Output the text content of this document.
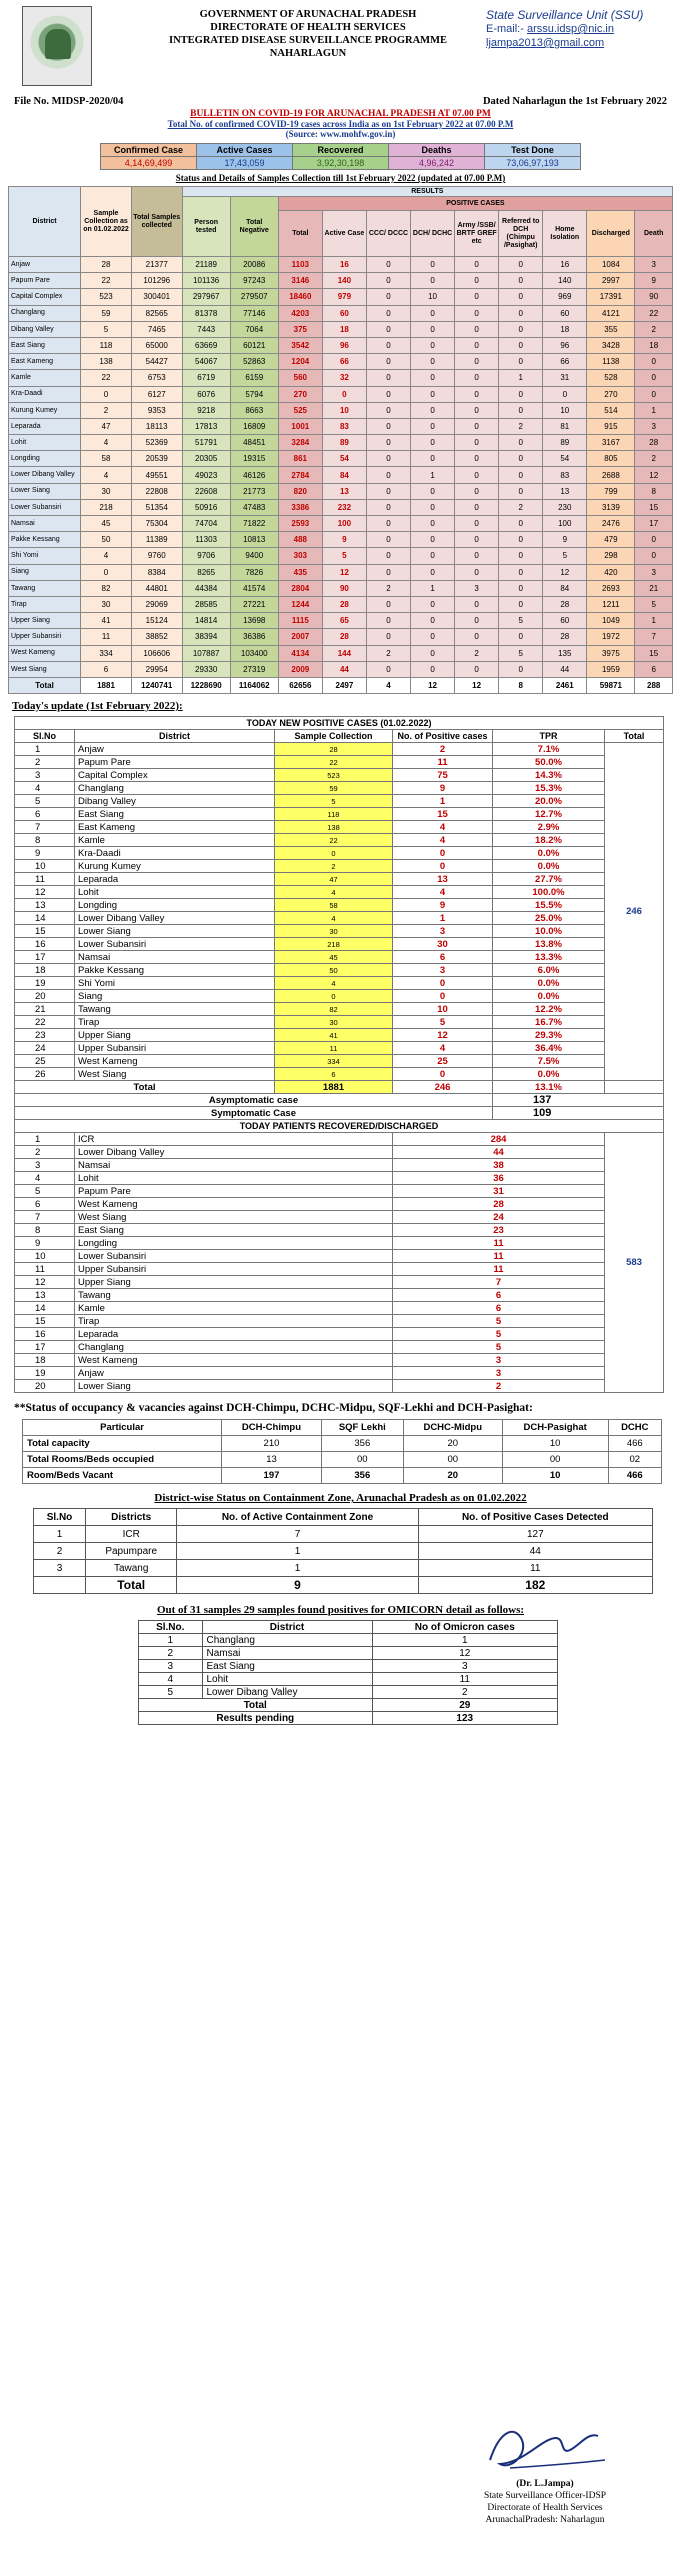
GOVERNMENT OF ARUNACHAL PRADESH
DIRECTORATE OF HEALTH SERVICES
INTEGRATED DISEASE SURVEILLANCE PROGRAMME
NAHARLAGUN
State Surveillance Unit (SSU)
E-mail:- arssu.idsp@nic.in
ljampa2013@gmail.com
File No. MIDSP-2020/04	Dated Naharlagun the 1st February 2022
BULLETIN ON COVID-19 FOR ARUNACHAL PRADESH AT 07.00 PM
Total No. of confirmed COVID-19 cases across India as on 1st February 2022 at 07.00 P.M
(Source: www.mohfw.gov.in)
Confirmed Case	Active Cases	Recovered	Deaths	Test Done
4,14,69,499	17,43,059	3,92,30,198	4,96,242	73,06,97,193
Status and Details of Samples Collection till 1st February 2022 (updated at 07.00 P.M)
District	Sample Collection as on 01.02.2022	Total Samples collected	RESULTS										
			Person tested	Total Negative	POSITIVE CASES								
					Total	Active Case	CCC/ DCCC	DCH/ DCHC	Army /SSB/ BRTF GREF etc	Referred to DCH (Chimpu /Pasighat)	Home Isolation	Discharged	Death
Anjaw	28	21377	21189	20086	1103	16	0	0	0	0	16	1084	3
Papum Pare	22	101296	101136	97243	3146	140	0	0	0	0	140	2997	9
Capital Complex	523	300401	297967	279507	18460	979	0	10	0	0	969	17391	90
Changlang	59	82565	81378	77146	4203	60	0	0	0	0	60	4121	22
Dibang Valley	5	7465	7443	7064	375	18	0	0	0	0	18	355	2
East Siang	118	65000	63669	60121	3542	96	0	0	0	0	96	3428	18
East Kameng	138	54427	54067	52863	1204	66	0	0	0	0	66	1138	0
Kamle	22	6753	6719	6159	560	32	0	0	0	1	31	528	0
Kra-Daadi	0	6127	6076	5794	270	0	0	0	0	0	0	270	0
Kurung Kumey	2	9353	9218	8663	525	10	0	0	0	0	10	514	1
Leparada	47	18113	17813	16809	1001	83	0	0	0	2	81	915	3
Lohit	4	52369	51791	48451	3284	89	0	0	0	0	89	3167	28
Longding	58	20539	20305	19315	861	54	0	0	0	0	54	805	2
Lower Dibang Valley	4	49551	49023	46126	2784	84	0	1	0	0	83	2688	12
Lower Siang	30	22808	22608	21773	820	13	0	0	0	0	13	799	8
Lower Subansiri	218	51354	50916	47483	3386	232	0	0	0	2	230	3139	15
Namsai	45	75304	74704	71822	2593	100	0	0	0	0	100	2476	17
Pakke Kessang	50	11389	11303	10813	488	9	0	0	0	0	9	479	0
Shi Yomi	4	9760	9706	9400	303	5	0	0	0	0	5	298	0
Siang	0	8384	8265	7826	435	12	0	0	0	0	12	420	3
Tawang	82	44801	44384	41574	2804	90	2	1	3	0	84	2693	21
Tirap	30	29069	28585	27221	1244	28	0	0	0	0	28	1211	5
Upper Siang	41	15124	14814	13698	1115	65	0	0	0	5	60	1049	1
Upper Subansiri	11	38852	38394	36386	2007	28	0	0	0	0	28	1972	7
West Kameng	334	106606	107887	103400	4134	144	2	0	2	5	135	3975	15
West Siang	6	29954	29330	27319	2009	44	0	0	0	0	44	1959	6
Total	1881	1240741	1228690	1164062	62656	2497	4	12	12	8	2461	59871	288
Today's update (1st February 2022):
TODAY NEW POSITIVE CASES (01.02.2022)					
Sl.No	District	Sample Collection	No. of Positive cases	TPR	Total
1	Anjaw	28	2	7.1%	246
2	Papum Pare	22	11	50.0%	
3	Capital Complex	523	75	14.3%	
4	Changlang	59	9	15.3%	
5	Dibang Valley	5	1	20.0%	
6	East Siang	118	15	12.7%	
7	East Kameng	138	4	2.9%	
8	Kamle	22	4	18.2%	
9	Kra-Daadi	0	0	0.0%	
10	Kurung Kumey	2	0	0.0%	
11	Leparada	47	13	27.7%	
12	Lohit	4	4	100.0%	
13	Longding	58	9	15.5%	
14	Lower Dibang Valley	4	1	25.0%	
15	Lower Siang	30	3	10.0%	
16	Lower Subansiri	218	30	13.8%	
17	Namsai	45	6	13.3%	
18	Pakke Kessang	50	3	6.0%	
19	Shi Yomi	4	0	0.0%	
20	Siang	0	0	0.0%	
21	Tawang	82	10	12.2%	
22	Tirap	30	5	16.7%	
23	Upper Siang	41	12	29.3%	
24	Upper Subansiri	11	4	36.4%	
25	West Kameng	334	25	7.5%	
26	West Siang	6	0	0.0%	
Total		1881	246	13.1%	
Asymptomatic case				137	
Symptomatic Case				109	
TODAY PATIENTS RECOVERED/DISCHARGED					
1	ICR		284		583
2	Lower Dibang Valley		44		
3	Namsai		38		
4	Lohit		36		
5	Papum Pare		31		
6	West Kameng		28		
7	West Siang		24		
8	East Siang		23		
9	Longding		11		
10	Lower Subansiri		11		
11	Upper Subansiri		11		
12	Upper Siang		7		
13	Tawang		6		
14	Kamle		6		
15	Tirap		5		
16	Leparada		5		
17	Changlang		5		
18	West Kameng		3		
19	Anjaw		3		
20	Lower Siang		2		
**Status of occupancy & vacancies against DCH-Chimpu, DCHC-Midpu, SQF-Lekhi and DCH-Pasighat:
Particular	DCH-Chimpu	SQF Lekhi	DCHC-Midpu	DCH-Pasighat	DCHC
Total capacity	210	356	20	10	466
Total Rooms/Beds occupied	13	00	00	00	02
Room/Beds Vacant	197	356	20	10	466
District-wise Status on Containment Zone, Arunachal Pradesh as on 01.02.2022
Sl.No	Districts	No. of Active Containment Zone	No. of Positive Cases Detected
1	ICR	7	127
2	Papumpare	1	44
3	Tawang	1	11
	Total	9	182
Out of 31 samples 29 samples found positives for OMICORN detail as follows:
Sl.No.	District	No of Omicron cases
1	Changlang	1
2	Namsai	12
3	East Siang	3
4	Lohit	11
5	Lower Dibang Valley	2
Total		29
Results pending		123
(Dr. L.Jampa)
State Surveillance Officer-IDSP
Directorate of Health Services
ArunachalPradesh: Naharlagun
